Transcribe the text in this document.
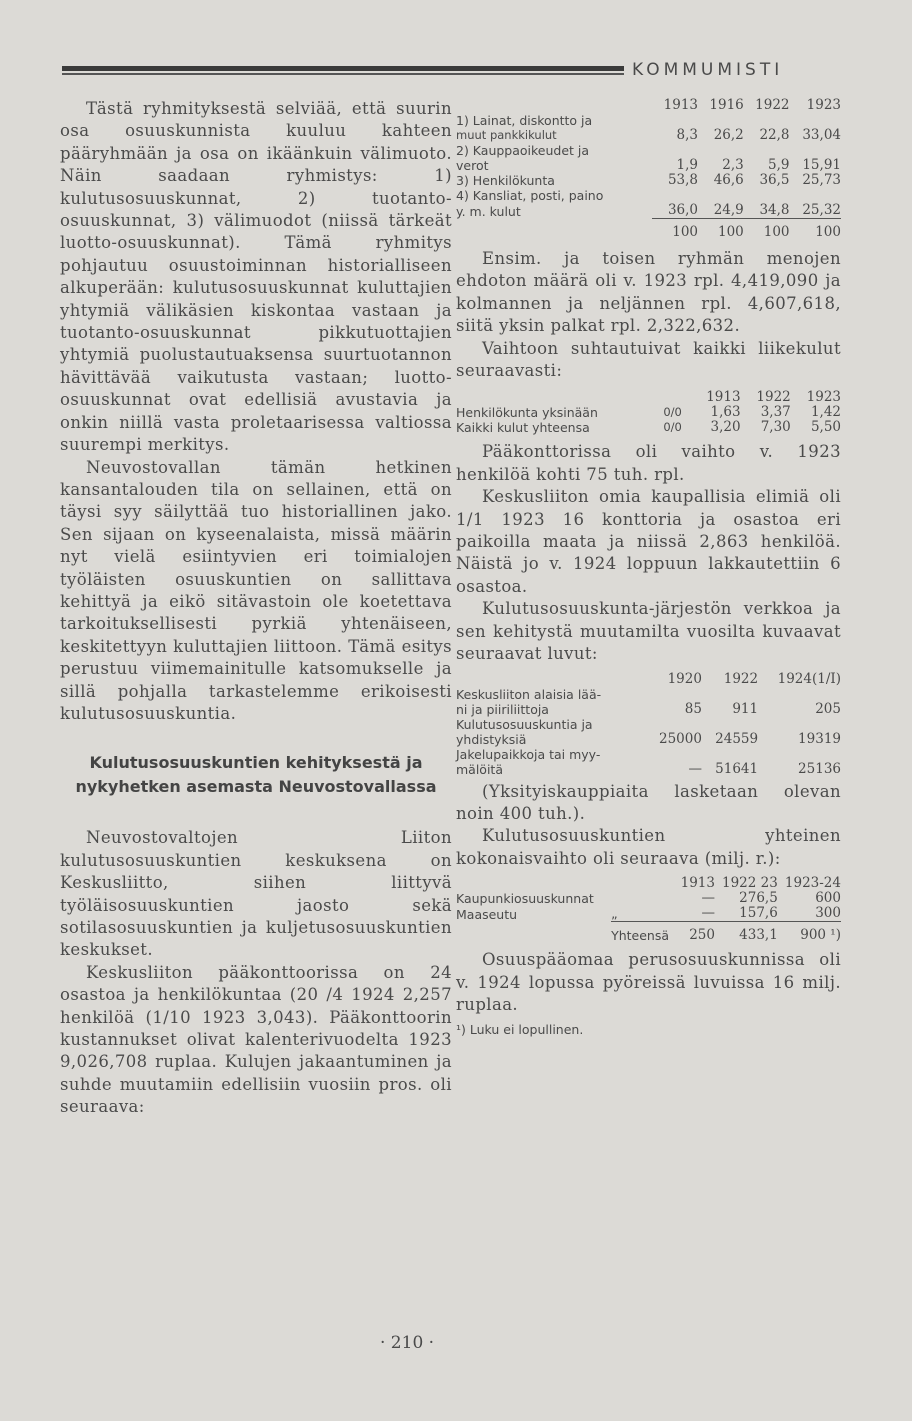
KOMMUMISTI

Tästä ryhmityksestä selviää, että suurin osa osuuskunnista kuuluu kahteen pääryhmään ja osa on ikäänkuin välimuoto. Näin saadaan ryhmistys: 1) kulutusosuuskunnat, 2) tuotanto-osuuskunnat, 3) välimuodot (niissä tärkeät luotto-osuuskunnat). Tämä ryhmitys pohjautuu osuustoiminnan historialliseen alkuperään: kulutusosuuskunnat kuluttajien yhtymiä välikäsien kiskontaa vastaan ja tuotanto-osuuskunnat pikkutuottajien yhtymiä puolustautuaksensa suurtuotannon hävittävää vaikutusta vastaan; luotto-osuuskunnat ovat edellisiä avustavia ja onkin niillä vasta proletaarisessa valtiossa suurempi merkitys.

Neuvostovallan tämän hetkinen kansantalouden tila on sellainen, että on täysi syy säilyttää tuo historiallinen jako. Sen sijaan on kyseenalaista, missä määrin nyt vielä esiintyvien eri toimialojen työläisten osuuskuntien on sallittava kehittyä ja eikö sitävastoin ole koetettava tarkoituksellisesti pyrkiä yhtenäiseen, keskitettyyn kuluttajien liittoon. Tämä esitys perustuu viimemainitulle katsomukselle ja sillä pohjalla tarkastelemme erikoisesti kulutusosuuskuntia.

Kulutusosuuskuntien kehityksestä ja nykyhetken asemasta Neuvostovallassa

Neuvostovaltojen Liiton kulutusosuuskuntien keskuksena on Keskusliitto, siihen liittyvä työläisosuuskuntien jaosto sekä sotilasosuuskuntien ja kuljetusosuuskuntien keskukset.

Keskusliiton pääkonttoorissa on 24 osastoa ja henkilökuntaa (20 /4 1924 2,257 henkilöä (1/10 1923 3,043). Pääkonttoorin kustannukset olivat kalenterivuodelta 1923 9,026,708 ruplaa. Kulujen jakaantuminen ja suhde muutamiin edellisiin vuosiin pros. oli seuraava:

	1913	1916	1922	1923
1) Lainat, diskontto ja				
muut pankkikulut	8,3	26,2	22,8	33,04
2) Kauppaoikeudet ja				
verot	1,9	2,3	5,9	15,91
3) Henkilökunta	53,8	46,6	36,5	25,73
4) Kansliat, posti, paino				
y. m. kulut	36,0	24,9	34,8	25,32
	100	100	100	100

Ensim. ja toisen ryhmän menojen ehdoton määrä oli v. 1923 rpl. 4,419,090 ja kolmannen ja neljännen rpl. 4,607,618, siitä yksin palkat rpl. 2,322,632.

Vaihtoon suhtautuivat kaikki liikekulut seuraavasti:

		1913	1922	1923
Henkilökunta yksinään	0/0	1,63	3,37	1,42
Kaikki kulut yhteensa	0/0	3,20	7,30	5,50

Pääkonttorissa oli vaihto v. 1923 henkilöä kohti 75 tuh. rpl.

Keskusliiton omia kaupallisia elimiä oli 1/1 1923 16 konttoria ja osastoa eri paikoilla maata ja niissä 2,863 henkilöä. Näistä jo v. 1924 loppuun lakkautettiin 6 osastoa.

Kulutusosuuskunta-järjestön verkkoa ja sen kehitystä muutamilta vuosilta kuvaavat seuraavat luvut:

	1920	1922	1924(1/I)
Keskusliiton alaisia lää-			
ni ja piiriliittoja	85	911	205
Kulutusosuuskuntia ja			
yhdistyksiä	25000	24559	19319
Jakelupaikkoja tai myy-			
mälöitä	—	51641	25136

(Yksityiskauppiaita lasketaan olevan noin 400 tuh.).

Kulutusosuuskuntien yhteinen kokonaisvaihto oli seuraava (milj. r.):

		1913	1922 23	1923-24
Kaupunkiosuuskunnat		—	276,5	600
Maaseutu	„	—	157,6	300
	Yhteensä	250	433,1	900 ¹)

Osuuspääomaa perusosuuskunnissa oli v. 1924 lopussa pyöreissä luvuissa 16 milj. ruplaa.

¹) Luku ei lopullinen.
· 210 ·
